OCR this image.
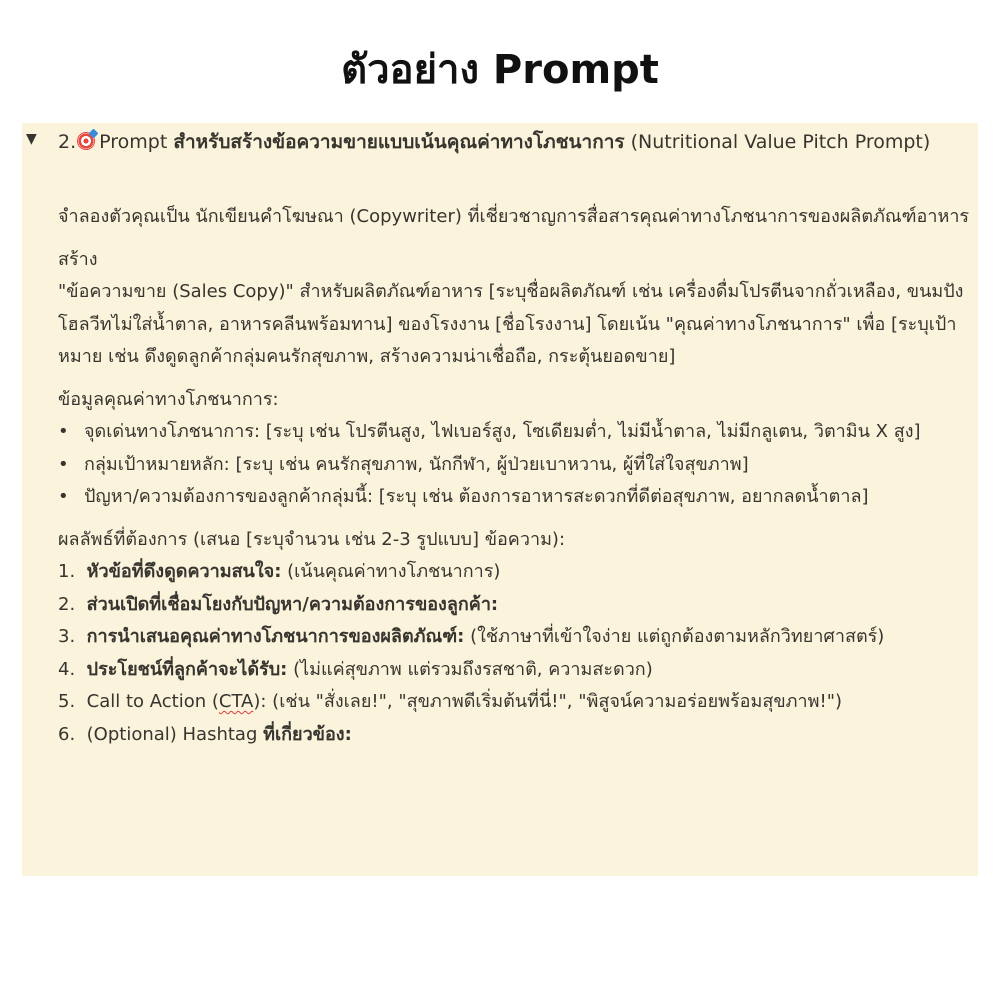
ตัวอย่าง Prompt
▼ 2. Prompt สำหรับสร้างข้อความขายแบบเน้นคุณค่าทางโภชนาการ (Nutritional Value Pitch Prompt)

จำลองตัวคุณเป็น นักเขียนคำโฆษณา (Copywriter) ที่เชี่ยวชาญการสื่อสารคุณค่าทางโภชนาการของผลิตภัณฑ์อาหาร

สร้าง
"ข้อความขาย (Sales Copy)" สำหรับผลิตภัณฑ์อาหาร [ระบุชื่อผลิตภัณฑ์ เช่น เครื่องดื่มโปรตีนจากถั่วเหลือง, ขนมปังโฮลวีทไม่ใส่น้ำตาล, อาหารคลีนพร้อมทาน] ของโรงงาน [ชื่อโรงงาน] โดยเน้น "คุณค่าทางโภชนาการ" เพื่อ [ระบุเป้าหมาย เช่น ดึงดูดลูกค้ากลุ่มคนรักสุขภาพ, สร้างความน่าเชื่อถือ, กระตุ้นยอดขาย]
ข้อมูลคุณค่าทางโภชนาการ:
• จุดเด่นทางโภชนาการ: [ระบุ เช่น โปรตีนสูง, ไฟเบอร์สูง, โซเดียมต่ำ, ไม่มีน้ำตาล, ไม่มีกลูเตน, วิตามิน X สูง]
• กลุ่มเป้าหมายหลัก: [ระบุ เช่น คนรักสุขภาพ, นักกีฬา, ผู้ป่วยเบาหวาน, ผู้ที่ใส่ใจสุขภาพ]
• ปัญหา/ความต้องการของลูกค้ากลุ่มนี้: [ระบุ เช่น ต้องการอาหารสะดวกที่ดีต่อสุขภาพ, อยากลดน้ำตาล]
ผลลัพธ์ที่ต้องการ (เสนอ [ระบุจำนวน เช่น 2-3 รูปแบบ] ข้อความ):
1. หัวข้อที่ดึงดูดความสนใจ: (เน้นคุณค่าทางโภชนาการ)
2. ส่วนเปิดที่เชื่อมโยงกับปัญหา/ความต้องการของลูกค้า:
3. การนำเสนอคุณค่าทางโภชนาการของผลิตภัณฑ์: (ใช้ภาษาที่เข้าใจง่าย แต่ถูกต้องตามหลักวิทยาศาสตร์)
4. ประโยชน์ที่ลูกค้าจะได้รับ: (ไม่แค่สุขภาพ แต่รวมถึงรสชาติ, ความสะดวก)
5. Call to Action (CTA): (เช่น "สั่งเลย!", "สุขภาพดีเริ่มต้นที่นี่!", "พิสูจน์ความอร่อยพร้อมสุขภาพ!")
6. (Optional) Hashtag ที่เกี่ยวข้อง:
